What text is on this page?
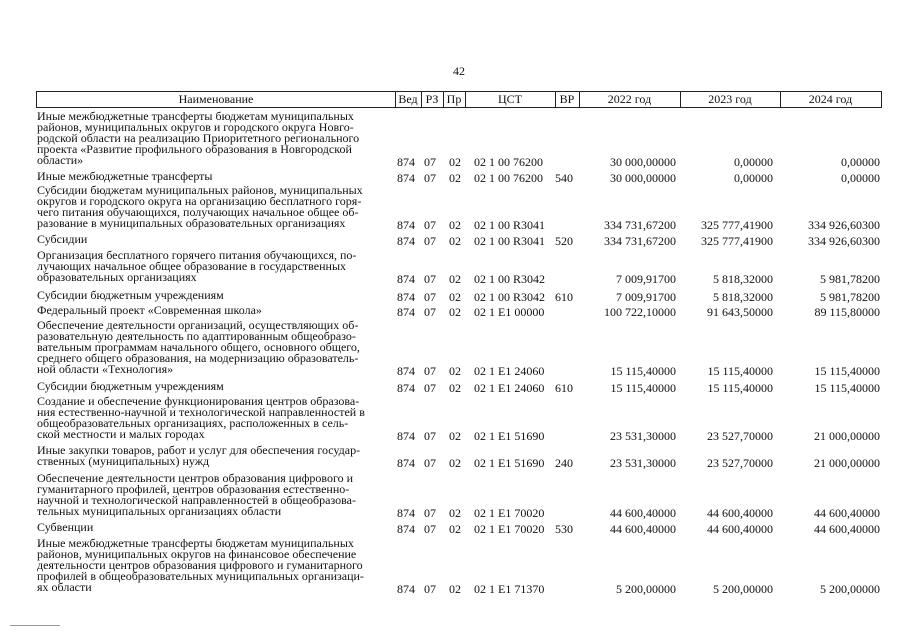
42
Наименование	Вед РЗ Пр	ЦСТ	ВР	2022 год	2023 год	2024 год
Иные межбюджетные трансферты бюджетам муниципальных
районов, муниципальных округов и городского округа Новго-
родской области на реализацию Приоритетного регионального
проекта «Развитие профильного образования в Новгородской
области»	874 07	02	02 1 00 76200	30 000,00000	0,00000	0,00000
Иные межбюджетные трансферты	874 07	02	02 1 00 76200	540	30 000,00000	0,00000	0,00000
Субсидии бюджетам муниципальных районов, муниципальных
округов и городского округа на организацию бесплатного горя-
чего питания обучающихся, получающих начальное общее об-
разование в муниципальных образовательных организациях	874 07	02	02 1 00 R3041	334 731,67200	325 777,41900	334 926,60300
Субсидии	874 07	02	02 1 00 R3041 520	334 731,67200	325 777,41900	334 926,60300
Организация бесплатного горячего питания обучающихся, по-
лучающих начальное общее образование в государственных
образовательных организациях	874 07	02	02 1 00 R3042	7 009,91700	5 818,32000	5 981,78200
Субсидии бюджетным учреждениям	874 07	02	02 1 00 R3042 610	7 009,91700	5 818,32000	5 981,78200
Федеральный проект «Современная школа»	874 07	02	02 1 E1 00000	100 722,10000	91 643,50000	89 115,80000
Обеспечение деятельности организаций, осуществляющих об-
разовательную деятельность по адаптированным общеобразо-
вательным программам начального общего, основного общего,
среднего общего образования, на модернизацию образователь-
ной области «Технология»	874 07	02	02 1 E1 24060	15 115,40000	15 115,40000	15 115,40000
Субсидии бюджетным учреждениям	874 07	02	02 1 E1 24060 610	15 115,40000	15 115,40000	15 115,40000
Создание и обеспечение функционирования центров образова-
ния естественно-научной и технологической направленностей в
общеобразовательных организациях, расположенных в сель-
ской местности и малых городах	874 07	02	02 1 E1 51690	23 531,30000	23 527,70000	21 000,00000
Иные закупки товаров, работ и услуг для обеспечения государ-
ственных (муниципальных) нужд	874 07	02	02 1 E1 51690 240	23 531,30000	23 527,70000	21 000,00000
Обеспечение деятельности центров образования цифрового и
гуманитарного профилей, центров образования естественно-
научной и технологической направленностей в общеобразова-
тельных муниципальных организациях области	874 07	02	02 1 E1 70020	44 600,40000	44 600,40000	44 600,40000
Субвенции	874 07	02	02 1 E1 70020 530	44 600,40000	44 600,40000	44 600,40000
Иные межбюджетные трансферты бюджетам муниципальных
районов, муниципальных округов на финансовое обеспечение
деятельности центров образования цифрового и гуманитарного
профилей в общеобразовательных муниципальных организаци-
ях области	874 07	02	02 1 E1 71370	5 200,00000	5 200,00000	5 200,00000
